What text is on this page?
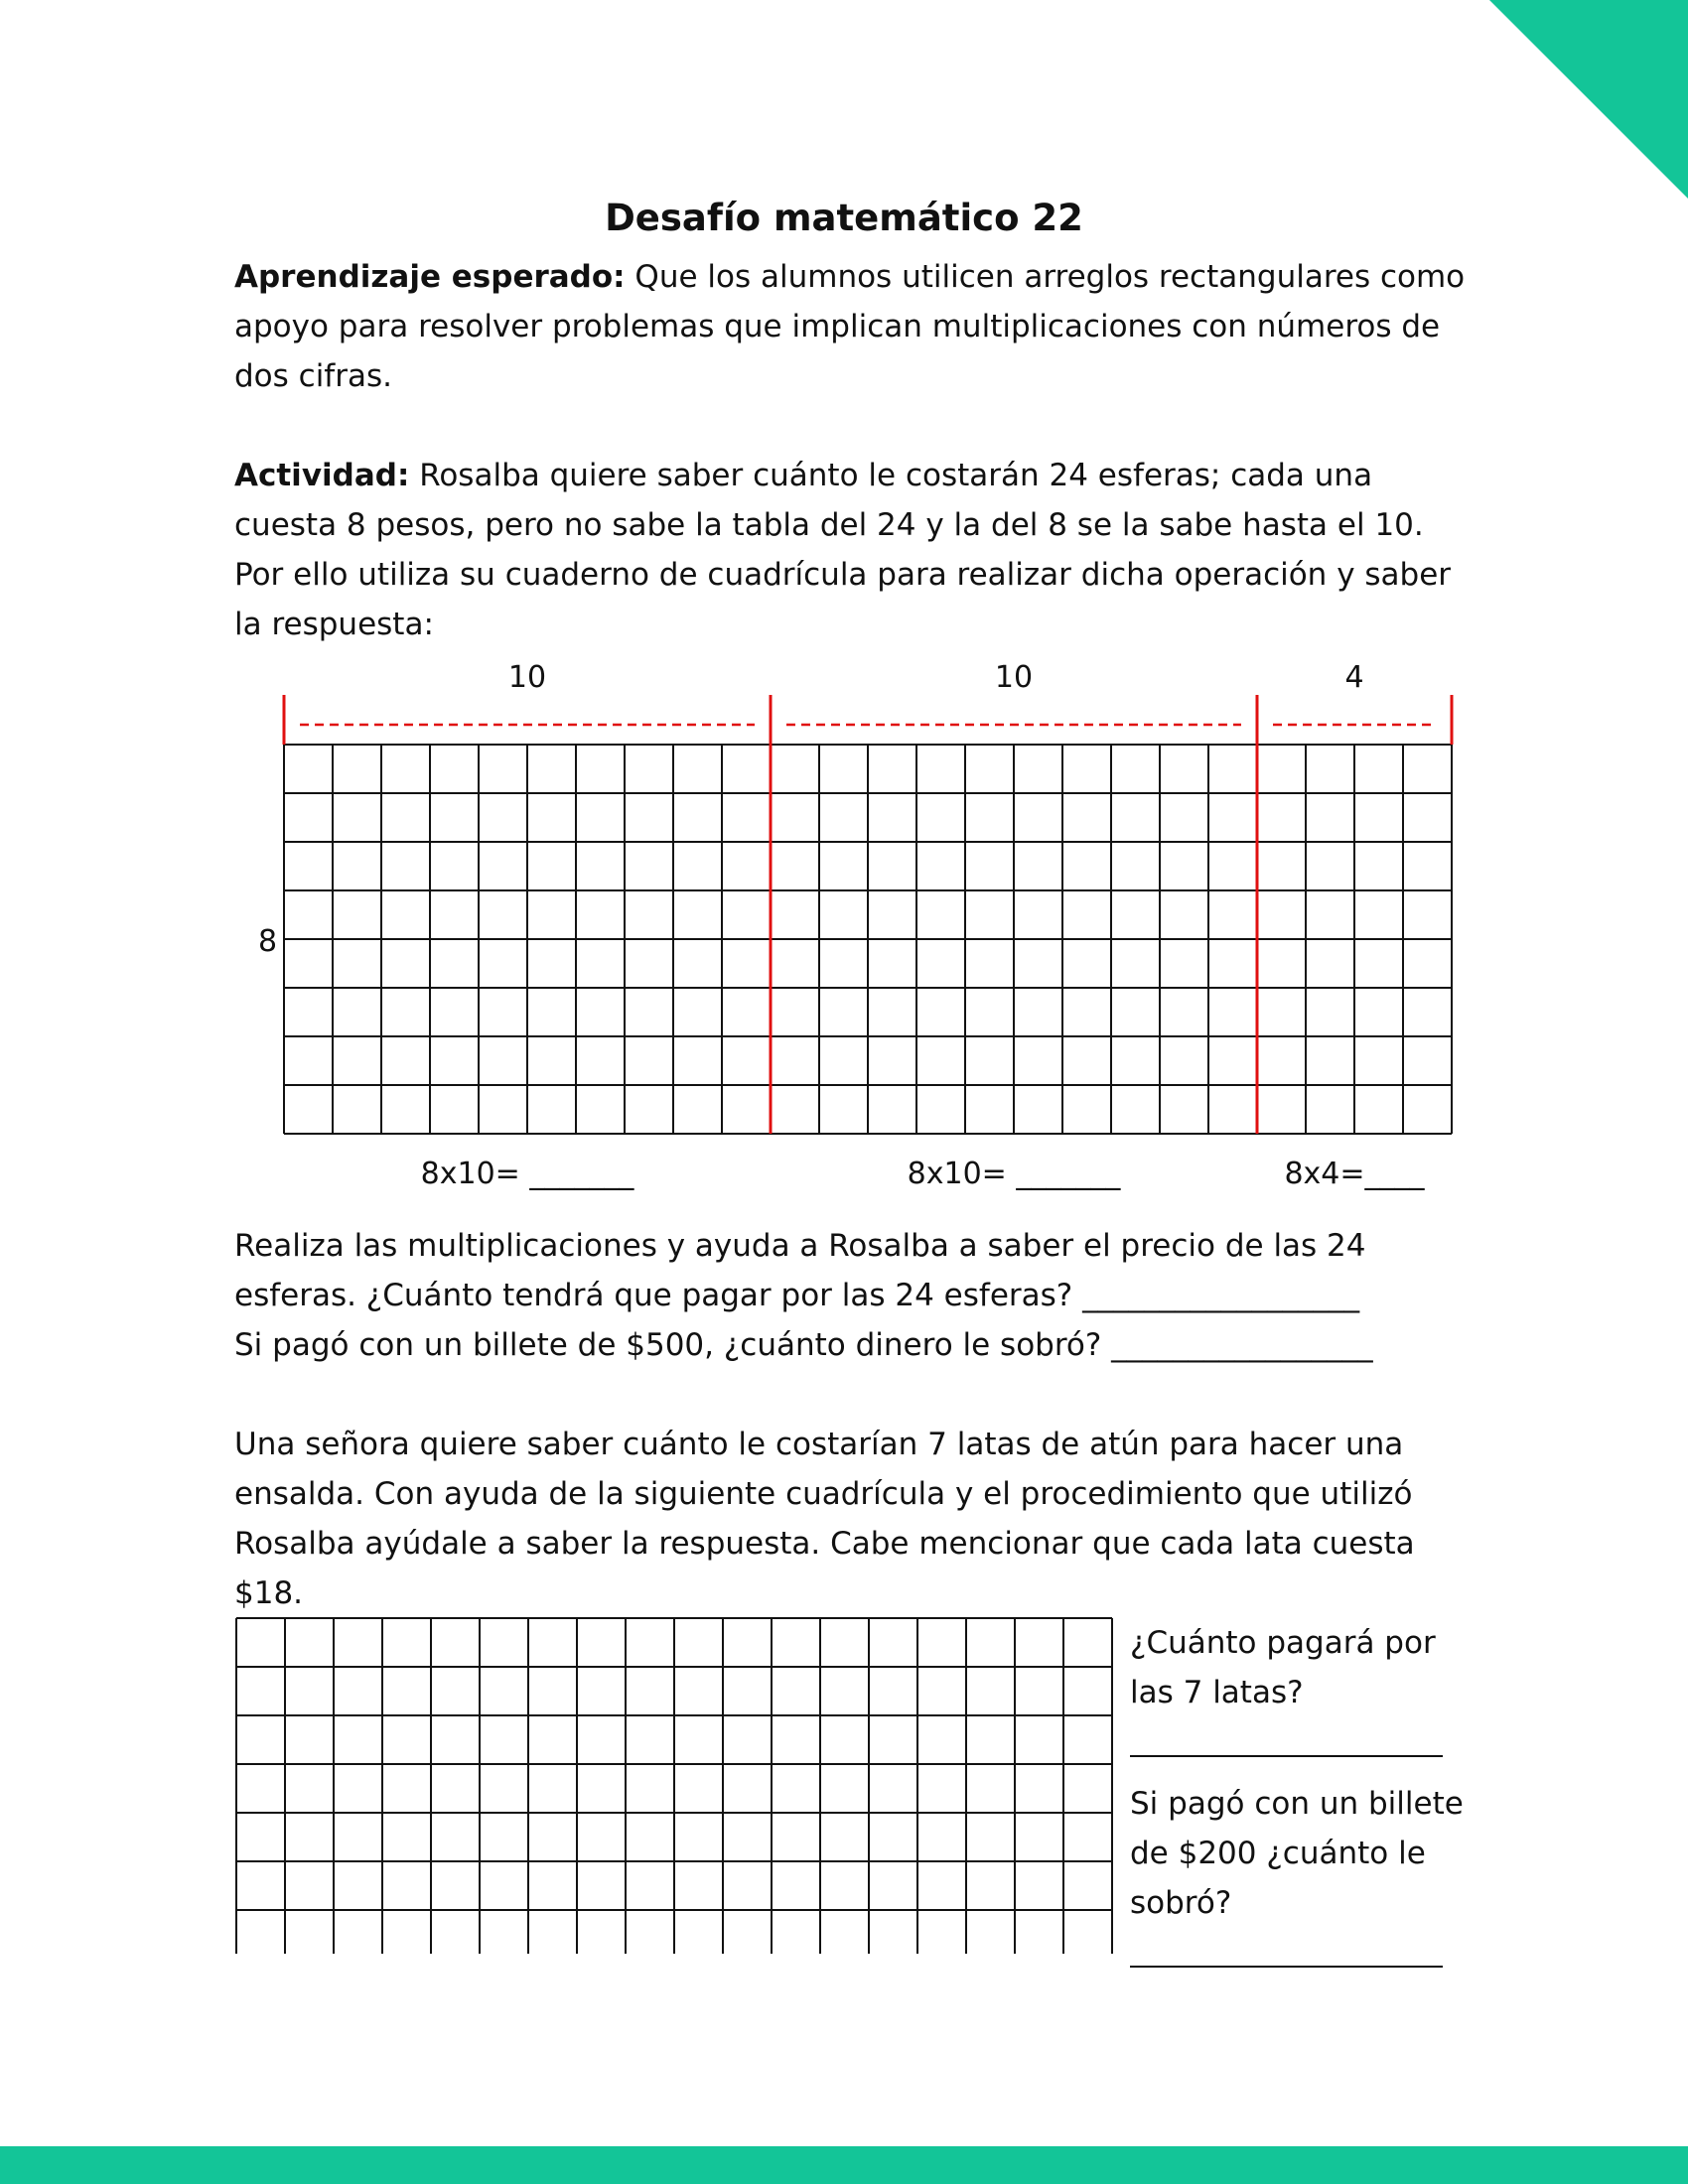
Desafío matemático 22

Aprendizaje esperado: Que los alumnos utilicen arreglos rectangulares como apoyo para resolver problemas que implican multiplicaciones con números de dos cifras.

Actividad: Rosalba quiere saber cuánto le costarán 24 esferas; cada una cuesta 8 pesos, pero no sabe la tabla del 24 y la del 8 se la sabe hasta el 10. Por ello utiliza su cuaderno de cuadrícula para realizar dicha operación y saber la respuesta:

8
10
8x10= _______
10
8x10= _______
4
8x4=____
Realiza las multiplicaciones y ayuda a Rosalba a saber el precio de las 24
esferas. ¿Cuánto tendrá que pagar por las 24 esferas? __________________
Si pagó con un billete de $500, ¿cuánto dinero le sobró? _________________

Una señora quiere saber cuánto le costarían 7 latas de atún para hacer una ensalda. Con ayuda de la siguiente cuadrícula y el procedimiento que utilizó Rosalba ayúdale a saber la respuesta. Cabe mencionar que cada lata cuesta $18.

¿Cuánto pagará por las 7 latas?
Si pagó con un billete de $200 ¿cuánto le sobró?
